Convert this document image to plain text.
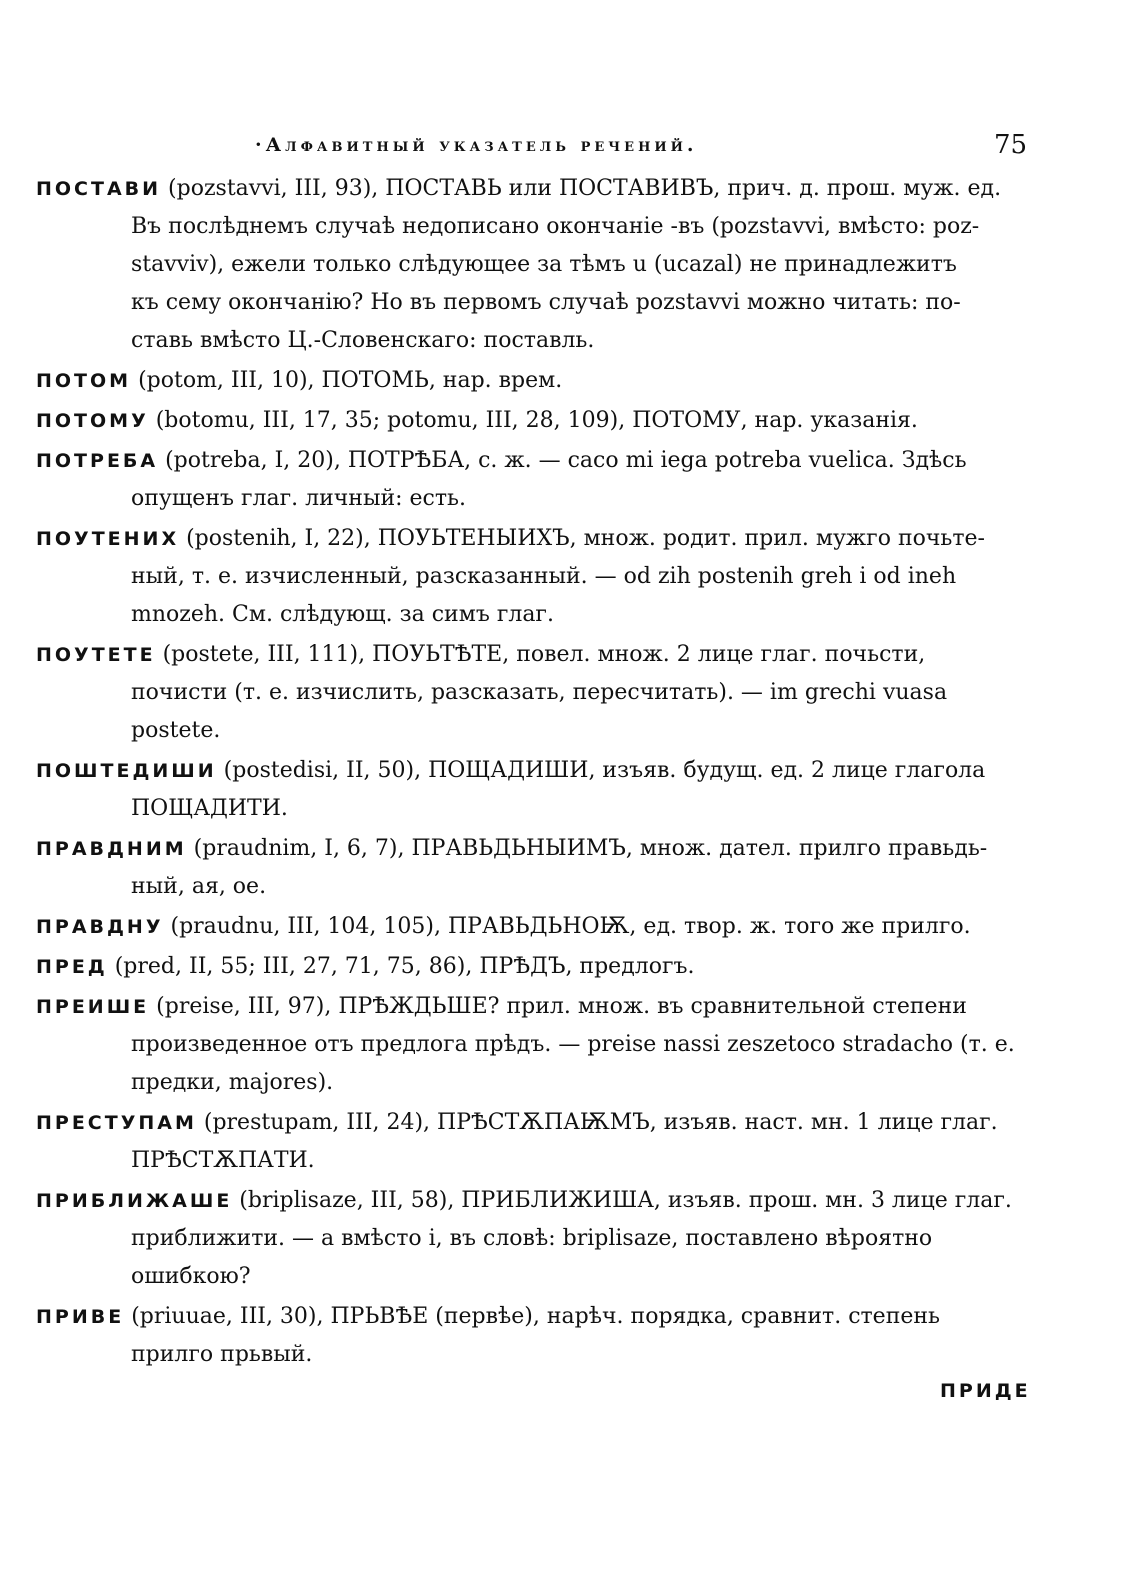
·Алфавитный указатель речений.	75
ПОСТАВИ (pozstavvi, III, 93), ПОСТАВЬ или ПОСТАВИВЪ, прич. д. прош. муж. ед.
Въ послѣднемъ случаѣ недописано окончаніе -въ (pozstavvi, вмѣсто: poz-
stavviv), ежели только слѣдующее за тѣмъ u (ucazal) не принадлежитъ
къ сему окончанію? Но въ первомъ случаѣ pozstavvi можно читать: по-
ставь вмѣсто Ц.-Словенскаго: поставль.
ПОТОМ (potom, III, 10), ПОТОМЬ, нар. врем.
ПОТОМУ (botomu, III, 17, 35; potomu, III, 28, 109), ПОТОМУ, нар. указанія.
ПОТРЕБА (potreba, I, 20), ПОТРѢБА, с. ж. — caco mi iega potreba vuelica. Здѣсь
опущенъ глаг. личный: есть.
ПОУТЕНИХ (postenih, I, 22), ПОУЬТЕНЫИХЪ, множ. родит. прил. мужго почьте-
ный, т. е. изчисленный, разсказанный. — od zih postenih greh i od ineh
mnozeh. См. слѣдующ. за симъ глаг.
ПОУТЕТЕ (postete, III, 111), ПОУЬТѢТЕ, повел. множ. 2 лице глаг. почьсти,
почисти (т. е. изчислить, разсказать, пересчитать). — im grechi vuasa
postete.
ПОШТЕДИШИ (postedisi, II, 50), ПОЩАДИШИ, изъяв. будущ. ед. 2 лице глагола
ПОЩАДИТИ.
ПРАВДНИМ (praudnim, I, 6, 7), ПРАВЬДЬНЫИМЪ, множ. дател. прилго правьдь-
ный, ая, ое.
ПРАВДНУ (praudnu, III, 104, 105), ПРАВЬДЬНОѬ, ед. твор. ж. того же прилго.
ПРЕД (pred, II, 55; III, 27, 71, 75, 86), ПРѢДЪ, предлогъ.
ПРЕИШЕ (preise, III, 97), ПРѢЖДЬШЕ? прил. множ. въ сравнительной степени
произведенное отъ предлога прѣдъ. — preise nassi zeszetoco stradacho (т. е.
предки, majores).
ПРЕСТУПАМ (prestupam, III, 24), ПРѢСТѪПАѬМЪ, изъяв. наст. мн. 1 лице глаг.
ПРѢСТѪПАТИ.
ПРИБЛИЖАШЕ (briplisaze, III, 58), ПРИБЛИЖИША, изъяв. прош. мн. 3 лице глаг.
приближити. — а вмѣсто i, въ словѣ: briplisaze, поставлено вѣроятно
ошибкою?
ПРИВЕ (priuuae, III, 30), ПРЬВѢЕ (первѣе), нарѣч. порядка, сравнит. степень
прилго прьвый.
ПРИДЕ
